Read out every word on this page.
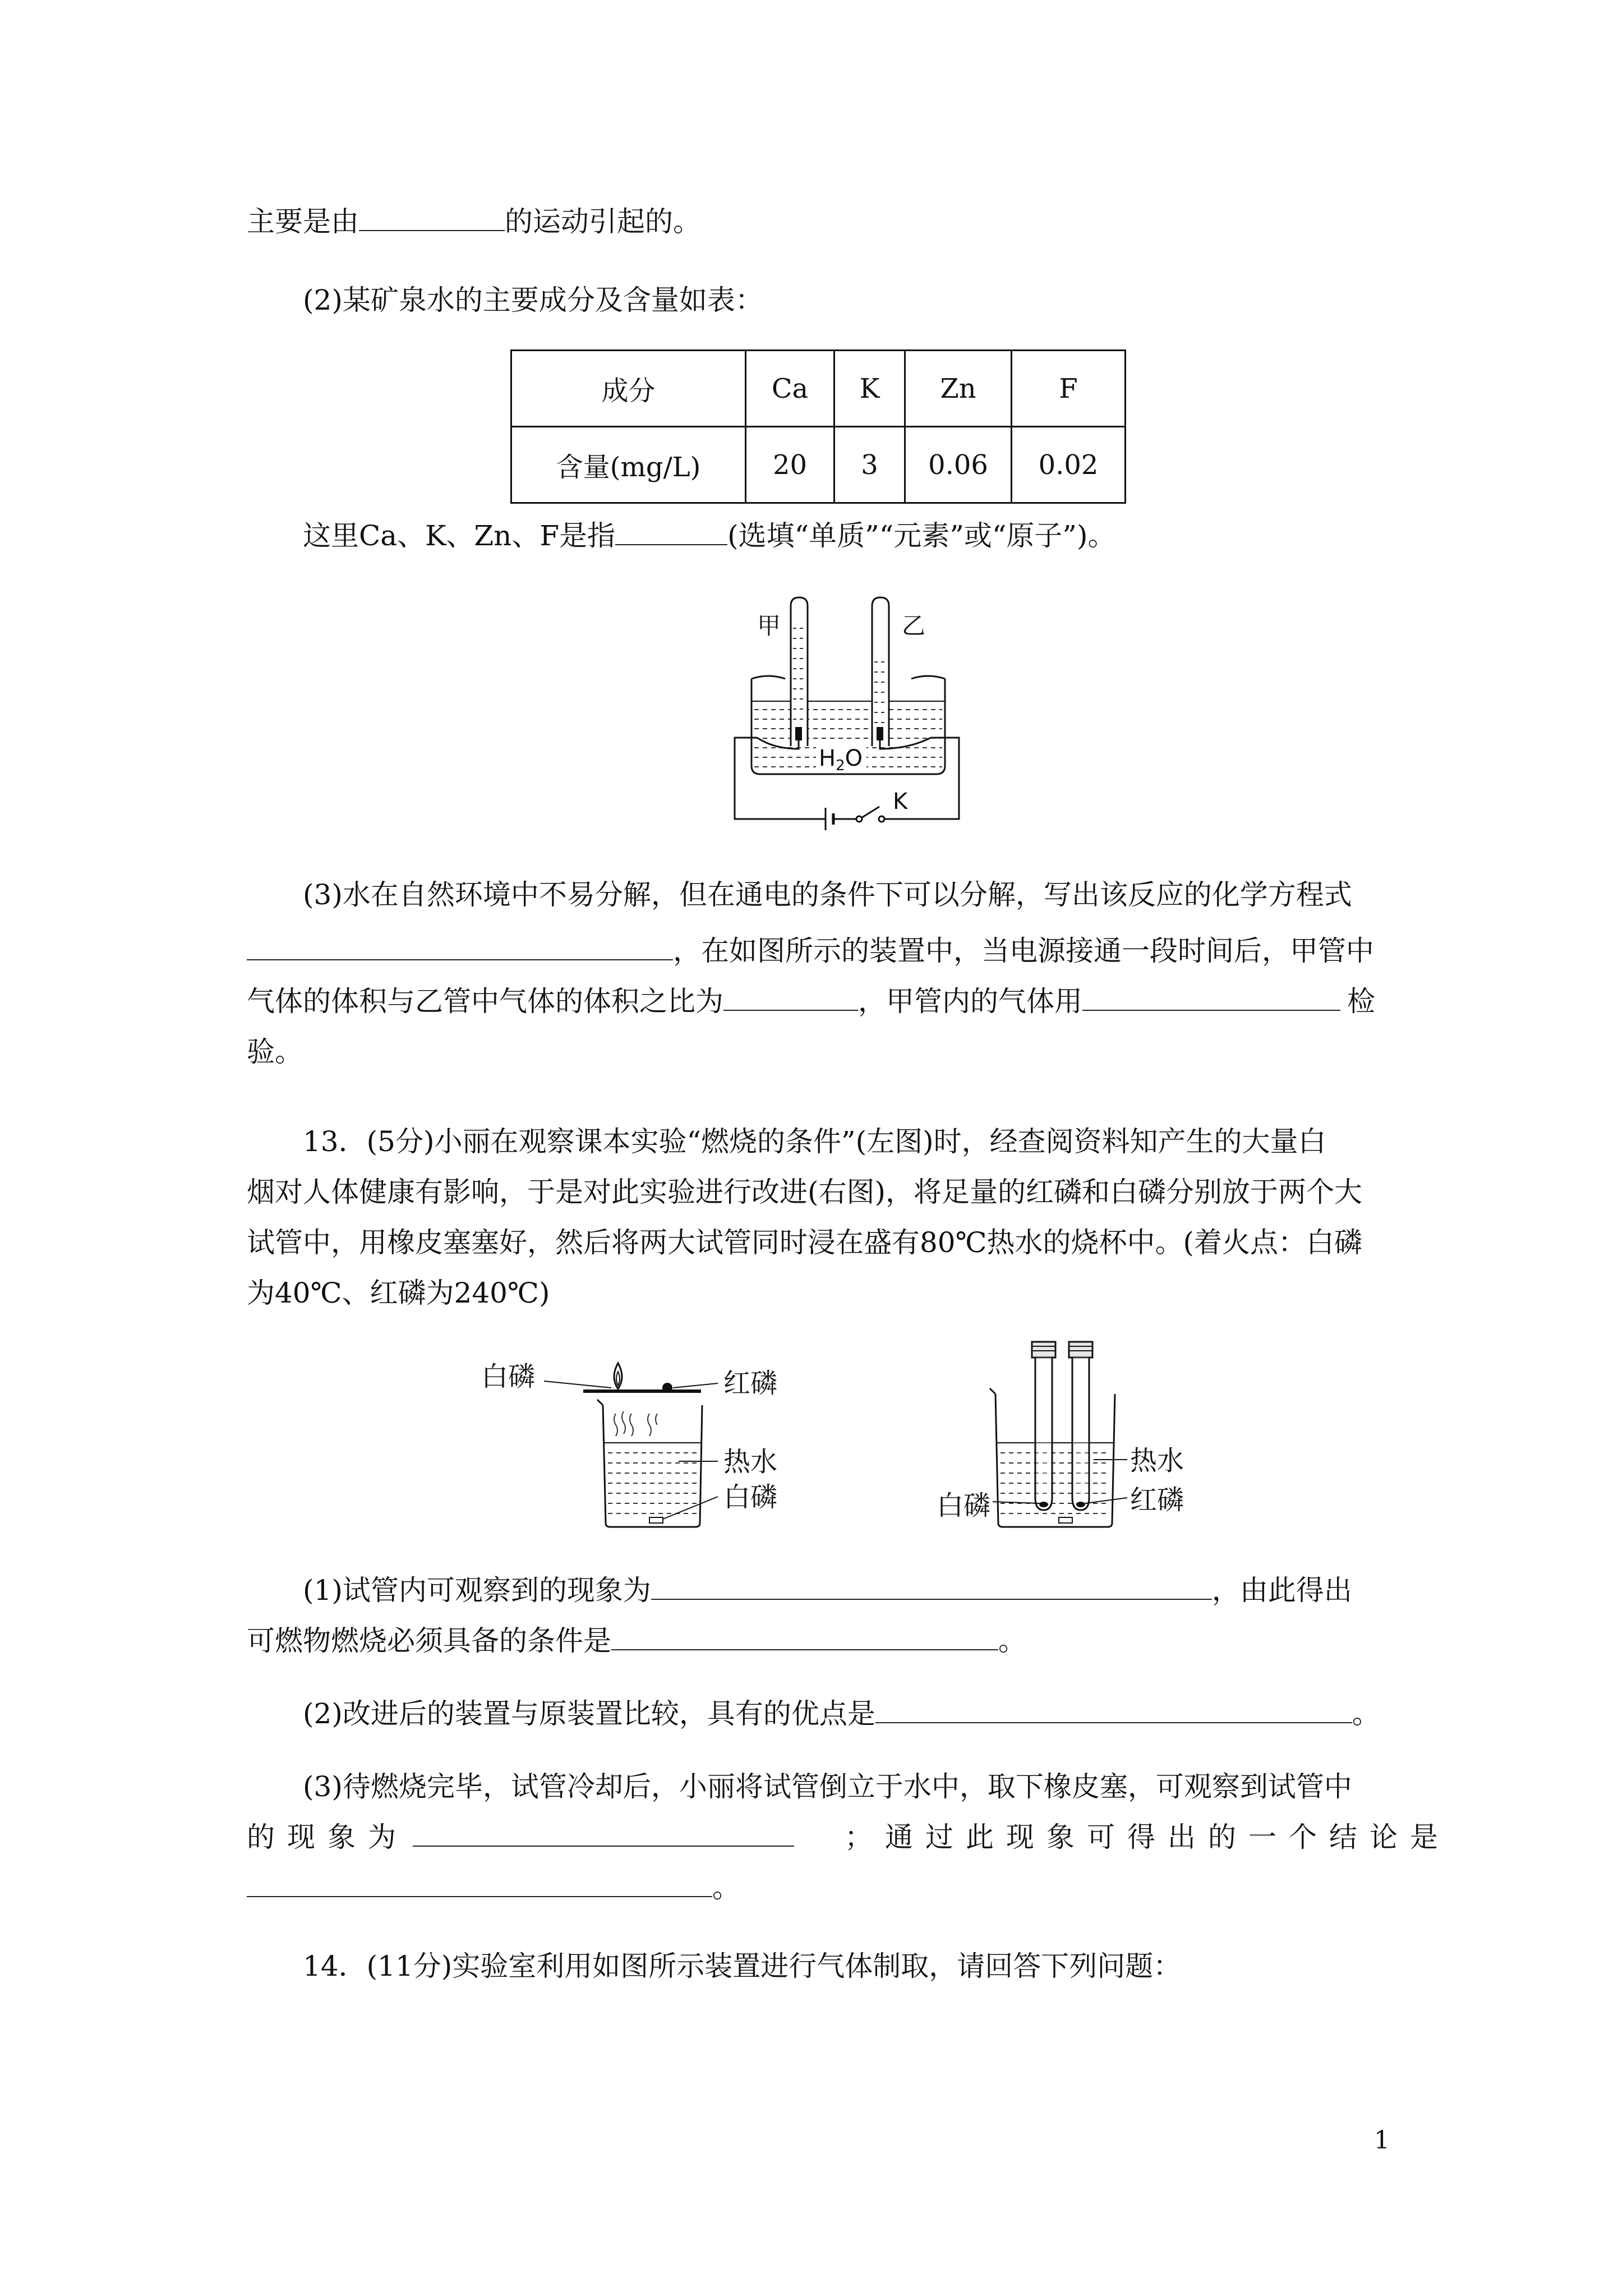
主要是由	的运动引起的。
(2)某矿泉水的主要成分及含量如表：
成分	Ca	K	Zn	F
含量(mg/L)	20	3	0.06	0.02
这里Ca、K、Zn、F是指	(选填“单质”“元素”或“原子”)。
K
甲	乙
$H_2O$
(3)水在自然环境中不易分解，但在通电的条件下可以分解，写出该反应的化学方程式
，在如图所示的装置中，当电源接通一段时间后，甲管中
气体的体积与乙管中气体的体积之比为	，甲管内的气体用	检
验。
13．(5分)小丽在观察课本实验“燃烧的条件”(左图)时，经查阅资料知产生的大量白
烟对人体健康有影响，于是对此实验进行改进(右图)，将足量的红磷和白磷分别放于两个大
试管中，用橡皮塞塞好，然后将两大试管同时浸在盛有80℃热水的烧杯中。(着火点：白磷
为40℃、红磷为240℃)
白磷	红磷
热水
白磷
热水
白磷	红磷
(1)试管内可观察到的现象为	，由此得出
可燃物燃烧必须具备的条件是	。
(2)改进后的装置与原装置比较，具有的优点是	。
(3)待燃烧完毕，试管冷却后，小丽将试管倒立于水中，取下橡皮塞，可观察到试管中
的现象为	；通过此现象可得出的一个结论是
。
14．(11分)实验室利用如图所示装置进行气体制取，请回答下列问题：
1
